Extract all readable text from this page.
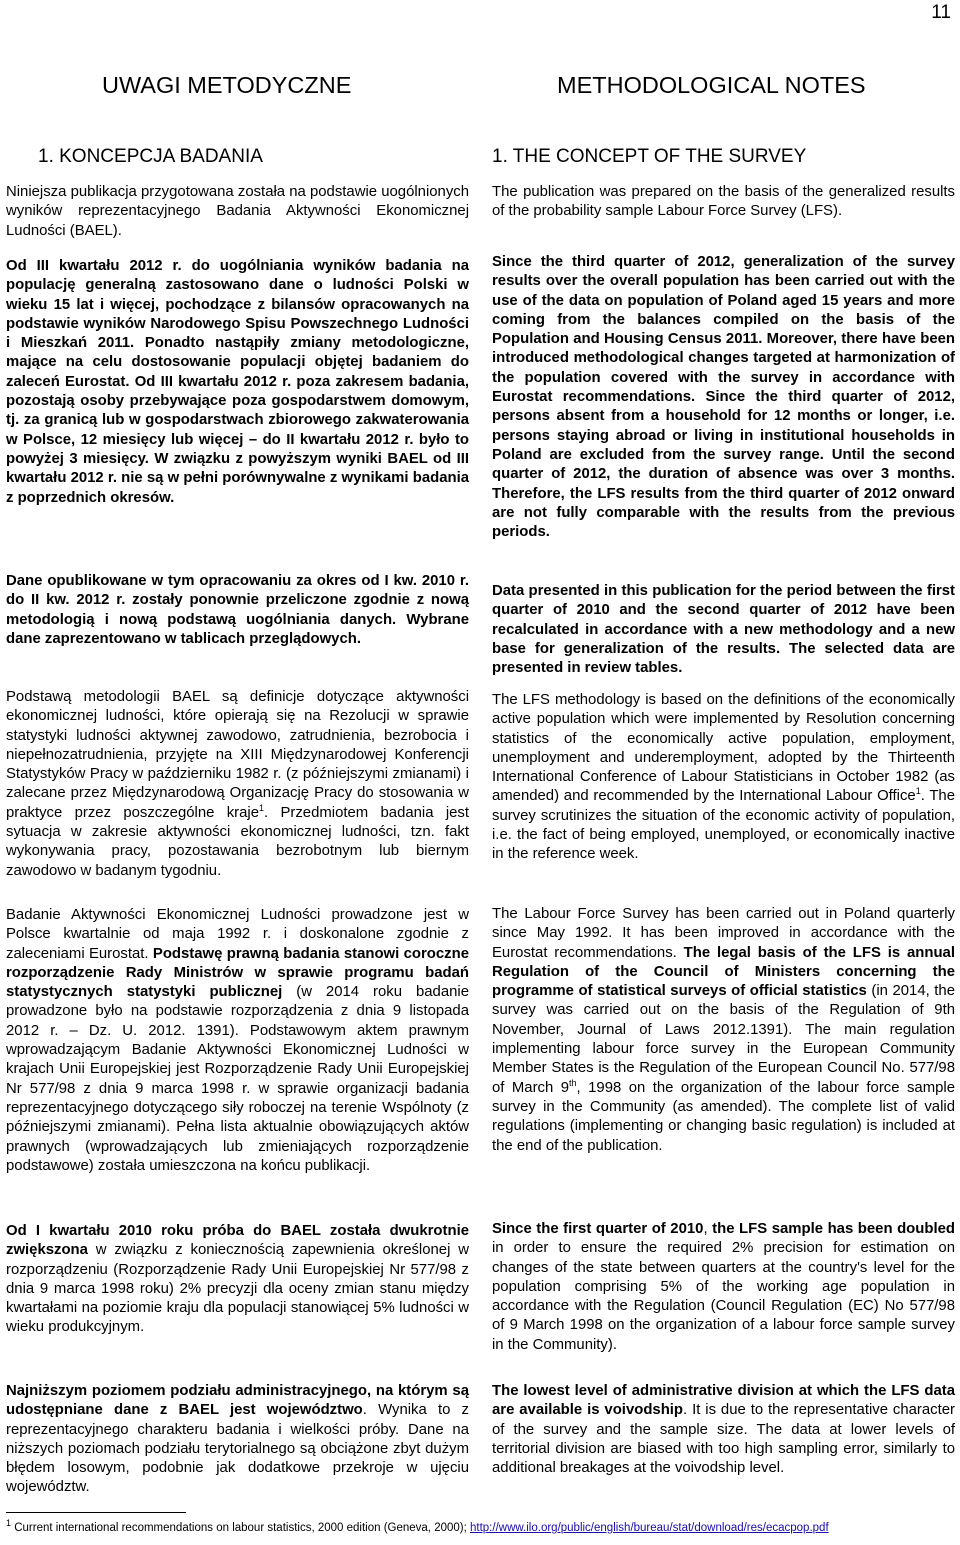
11
UWAGI METODYCZNE	METHODOLOGICAL NOTES
1. KONCEPCJA BADANIA	1. THE CONCEPT OF THE SURVEY

Niniejsza publikacja przygotowana została na podstawie uogólnionych wyników reprezentacyjnego Badania Aktywności Ekonomicznej Ludności (BAEL).

Od III kwartału 2012 r. do uogólniania wyników badania na populację generalną zastosowano dane o ludności Polski w wieku 15 lat i więcej, pochodzące z bilansów opracowanych na podstawie wyników Narodowego Spisu Powszechnego Ludności i Mieszkań 2011. Ponadto nastąpiły zmiany metodologiczne, mające na celu dostosowanie populacji objętej badaniem do zaleceń Eurostat. Od III kwartału 2012 r. poza zakresem badania, pozostają osoby przebywające poza gospodarstwem domowym, tj. za granicą lub w gospodarstwach zbiorowego zakwaterowania w Polsce, 12 miesięcy lub więcej – do II kwartału 2012 r. było to powyżej 3 miesięcy. W związku z powyższym wyniki BAEL od III kwartału 2012 r. nie są w pełni porównywalne z wynikami badania z poprzednich okresów.

Dane opublikowane w tym opracowaniu za okres od I kw. 2010 r. do II kw. 2012 r. zostały ponownie przeliczone zgodnie z nową metodologią i nową podstawą uogólniania danych. Wybrane dane zaprezentowano w tablicach przeglądowych.

Podstawą metodologii BAEL są definicje dotyczące aktywności ekonomicznej ludności, które opierają się na Rezolucji w sprawie statystyki ludności aktywnej zawodowo, zatrudnienia, bezrobocia i niepełnozatrudnienia, przyjęte na XIII Międzynarodowej Konferencji Statystyków Pracy w październiku 1982 r. (z późniejszymi zmianami) i zalecane przez Międzynarodową Organizację Pracy do stosowania w praktyce przez poszczególne kraje$^1$. Przedmiotem badania jest sytuacja w zakresie aktywności ekonomicznej ludności, tzn. fakt wykonywania pracy, pozostawania bezrobotnym lub biernym zawodowo w badanym tygodniu.

Badanie Aktywności Ekonomicznej Ludności prowadzone jest w Polsce kwartalnie od maja 1992 r. i doskonalone zgodnie z zaleceniami Eurostat. Podstawę prawną badania stanowi coroczne rozporządzenie Rady Ministrów w sprawie programu badań statystycznych statystyki publicznej (w 2014 roku badanie prowadzone było na podstawie rozporządzenia z dnia 9 listopada 2012 r. – Dz. U. 2012. 1391). Podstawowym aktem prawnym wprowadzającym Badanie Aktywności Ekonomicznej Ludności w krajach Unii Europejskiej jest Rozporządzenie Rady Unii Europejskiej Nr 577/98 z dnia 9 marca 1998 r. w sprawie organizacji badania reprezentacyjnego dotyczącego siły roboczej na terenie Wspólnoty (z późniejszymi zmianami). Pełna lista aktualnie obowiązujących aktów prawnych (wprowadzających lub zmieniających rozporządzenie podstawowe) została umieszczona na końcu publikacji.

Od I kwartału 2010 roku próba do BAEL została dwukrotnie zwiększona w związku z koniecznością zapewnienia określonej w rozporządzeniu (Rozporządzenie Rady Unii Europejskiej Nr 577/98 z dnia 9 marca 1998 roku) 2% precyzji dla oceny zmian stanu między kwartałami na poziomie kraju dla populacji stanowiącej 5% ludności w wieku produkcyjnym.

Najniższym poziomem podziału administracyjnego, na którym są udostępniane dane z BAEL jest województwo. Wynika to z reprezentacyjnego charakteru badania i wielkości próby. Dane na niższych poziomach podziału terytorialnego są obciążone zbyt dużym błędem losowym, podobnie jak dodatkowe przekroje w ujęciu województw.

The publication was prepared on the basis of the generalized results of the probability sample Labour Force Survey (LFS).

Since the third quarter of 2012, generalization of the survey results over the overall population has been carried out with the use of the data on population of Poland aged 15 years and more coming from the balances compiled on the basis of the Population and Housing Census 2011. Moreover, there have been introduced methodological changes targeted at harmonization of the population covered with the survey in accordance with Eurostat recommendations. Since the third quarter of 2012, persons absent from a household for 12 months or longer, i.e. persons staying abroad or living in institutional households in Poland are excluded from the survey range. Until the second quarter of 2012, the duration of absence was over 3 months. Therefore, the LFS results from the third quarter of 2012 onward are not fully comparable with the results from the previous periods.

Data presented in this publication for the period between the first quarter of 2010 and the second quarter of 2012 have been recalculated in accordance with a new methodology and a new base for generalization of the results. The selected data are presented in review tables.

The LFS methodology is based on the definitions of the economically active population which were implemented by Resolution concerning statistics of the economically active population, employment, unemployment and underemployment, adopted by the Thirteenth International Conference of Labour Statisticians in October 1982 (as amended) and recommended by the International Labour Office$^1$. The survey scrutinizes the situation of the economic activity of population, i.e. the fact of being employed, unemployed, or economically inactive in the reference week.

The Labour Force Survey has been carried out in Poland quarterly since May 1992. It has been improved in accordance with the Eurostat recommendations. The legal basis of the LFS is annual Regulation of the Council of Ministers concerning the programme of statistical surveys of official statistics (in 2014, the survey was carried out on the basis of the Regulation of 9th November, Journal of Laws 2012.1391). The main regulation implementing labour force survey in the European Community Member States is the Regulation of the European Council No. 577/98 of March 9th, 1998 on the organization of the labour force sample survey in the Community (as amended). The complete list of valid regulations (implementing or changing basic regulation) is included at the end of the publication.

Since the first quarter of 2010, the LFS sample has been doubled in order to ensure the required 2% precision for estimation on changes of the state between quarters at the country's level for the population comprising 5% of the working age population in accordance with the Regulation (Council Regulation (EC) No 577/98 of 9 March 1998 on the organization of a labour force sample survey in the Community).

The lowest level of administrative division at which the LFS data are available is voivodship. It is due to the representative character of the survey and the sample size. The data at lower levels of territorial division are biased with too high sampling error, similarly to additional breakages at the voivodship level.

$^1$ Current international recommendations on labour statistics, 2000 edition (Geneva, 2000); http://www.ilo.org/public/english/bureau/stat/download/res/ecacpop.pdf
